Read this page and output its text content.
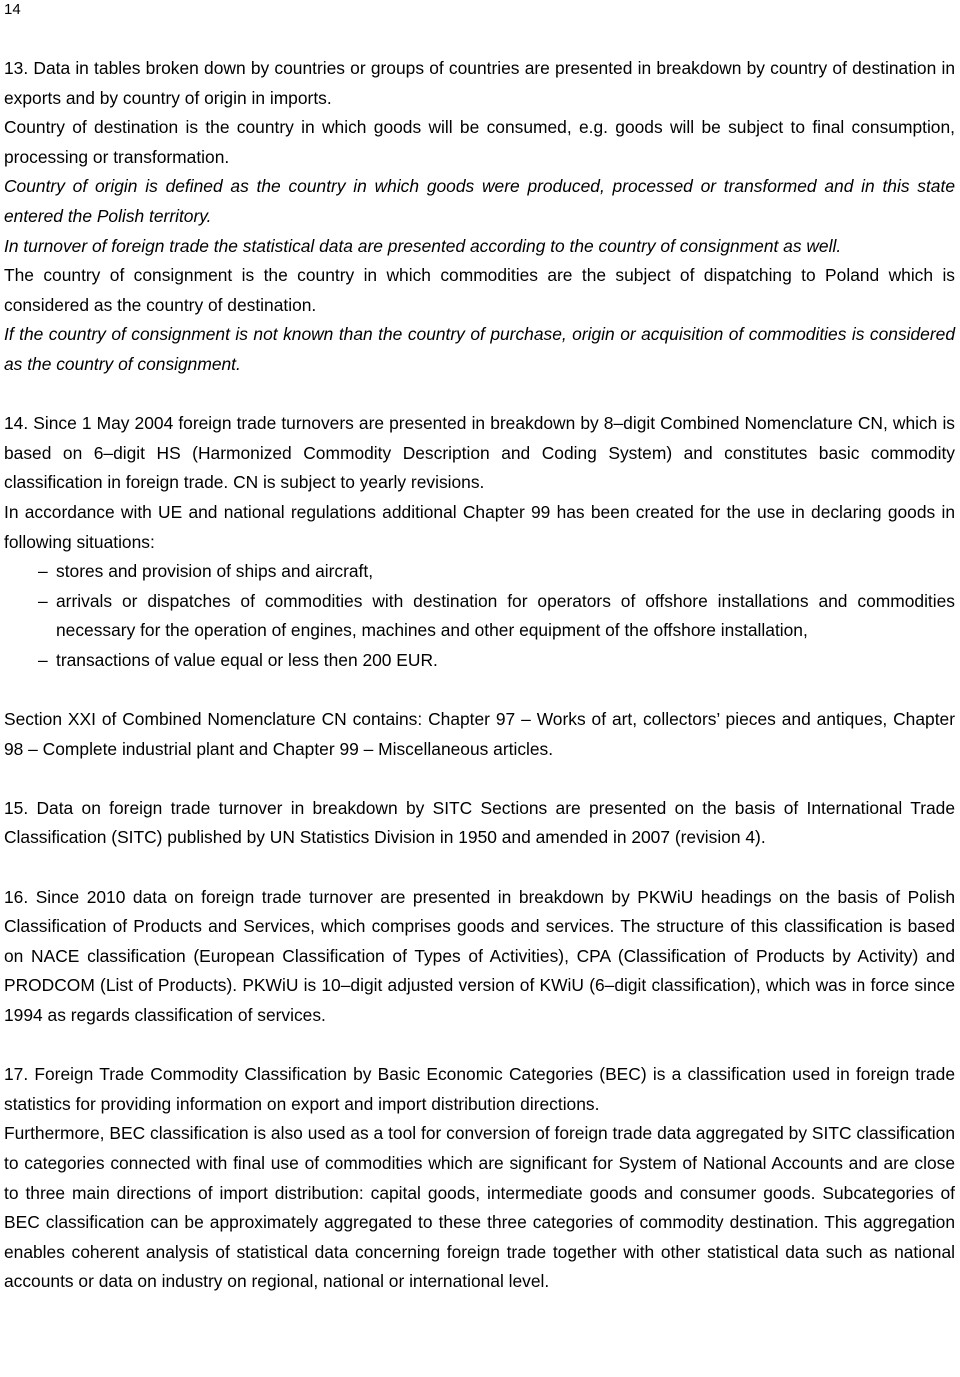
14

13. Data in tables broken down by countries or groups of countries are presented in breakdown by country of destination in exports and by country of origin in imports.

Country of destination is the country in which goods will be consumed, e.g. goods will be subject to final consumption, processing or transformation.

Country of origin is defined as the country in which goods were produced, processed or transformed and in this state entered the Polish territory.

In turnover of foreign trade the statistical data are presented according to the country of consignment as well.

The country of consignment is the country in which commodities are the subject of dispatching to Poland which is considered as the country of destination.

If the country of consignment is not known than the country of purchase, origin or acquisition of commodities is considered as the country of consignment.

14. Since 1 May 2004 foreign trade turnovers are presented in breakdown by 8–digit Combined Nomenclature CN, which is based on 6–digit HS (Harmonized Commodity Description and Coding System) and constitutes basic commodity classification in foreign trade. CN is subject to yearly revisions.

In accordance with UE and national regulations additional Chapter 99 has been created for the use in declaring goods in following situations:

– stores and provision of ships and aircraft,

– arrivals or dispatches of commodities with destination for operators of offshore installations and commodities necessary for the operation of engines, machines and other equipment of the offshore installation,

– transactions of value equal or less then 200 EUR.

Section XXI of Combined Nomenclature CN contains: Chapter 97 – Works of art, collectors’ pieces and antiques, Chapter 98 – Complete industrial plant and Chapter 99 – Miscellaneous articles.

15. Data on foreign trade turnover in breakdown by SITC Sections are presented on the basis of International Trade Classification (SITC) published by UN Statistics Division in 1950 and amended in 2007 (revision 4).

16. Since 2010 data on foreign trade turnover are presented in breakdown by PKWiU headings on the basis of Polish Classification of Products and Services, which comprises goods and services. The structure of this classification is based on NACE classification (European Classification of Types of Activities), CPA (Classification of Products by Activity) and PRODCOM (List of Products). PKWiU is 10–digit adjusted version of KWiU (6–digit classification), which was in force since 1994 as regards classification of services.

17. Foreign Trade Commodity Classification by Basic Economic Categories (BEC) is a classification used in foreign trade statistics for providing information on export and import distribution directions.

Furthermore, BEC classification is also used as a tool for conversion of foreign trade data aggregated by SITC classification to categories connected with final use of commodities which are significant for System of National Accounts and are close to three main directions of import distribution: capital goods, intermediate goods and consumer goods. Subcategories of BEC classification can be approximately aggregated to these three categories of commodity destination. This aggregation enables coherent analysis of statistical data concerning foreign trade together with other statistical data such as national accounts or data on industry on regional, national or international level.
